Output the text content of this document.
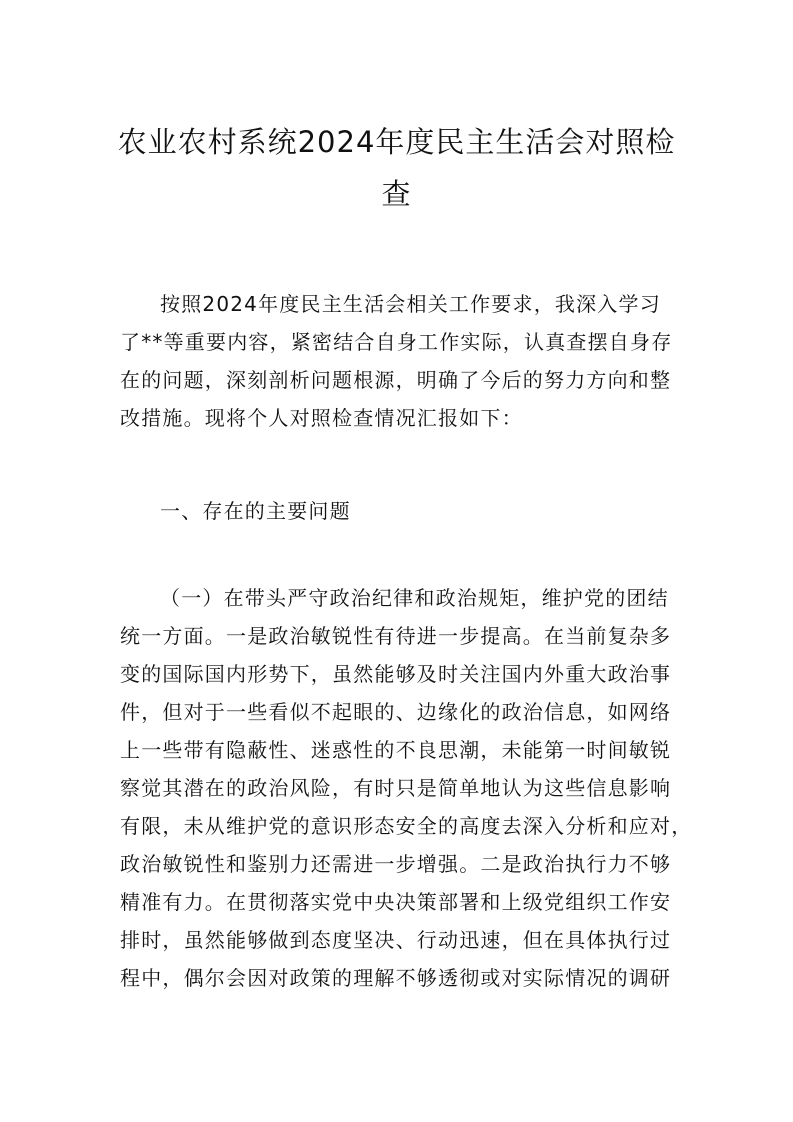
农业农村系统2024年度民主生活会对照检
查

按照2024年度民主生活会相关工作要求，我深入学习

了**等重要内容，紧密结合自身工作实际，认真查摆自身存

在的问题，深刻剖析问题根源，明确了今后的努力方向和整

改措施。现将个人对照检查情况汇报如下：

一、存在的主要问题

（一）在带头严守政治纪律和政治规矩，维护党的团结

统一方面。一是政治敏锐性有待进一步提高。在当前复杂多

变的国际国内形势下，虽然能够及时关注国内外重大政治事

件，但对于一些看似不起眼的、边缘化的政治信息，如网络

上一些带有隐蔽性、迷惑性的不良思潮，未能第一时间敏锐

察觉其潜在的政治风险，有时只是简单地认为这些信息影响

有限，未从维护党的意识形态安全的高度去深入分析和应对，

政治敏锐性和鉴别力还需进一步增强。二是政治执行力不够

精准有力。在贯彻落实党中央决策部署和上级党组织工作安

排时，虽然能够做到态度坚决、行动迅速，但在具体执行过

程中，偶尔会因对政策的理解不够透彻或对实际情况的调研
